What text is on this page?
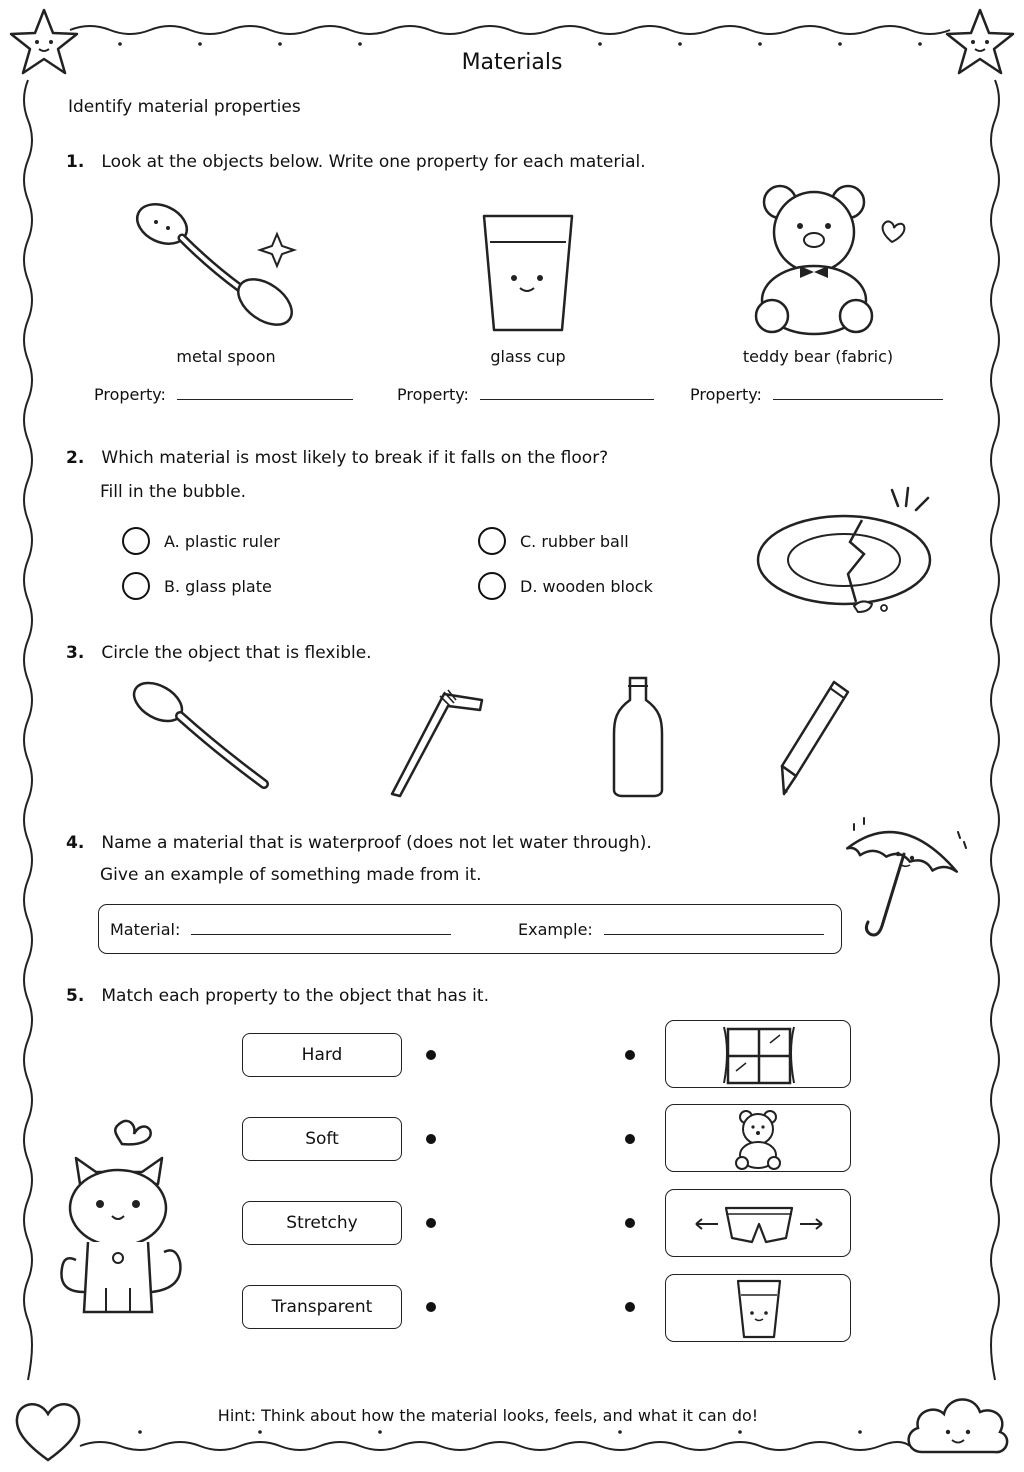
Materials
Identify material properties
1. Look at the objects below. Write one property for each material.
metal spoon	glass cup	teddy bear (fabric)
Property:	Property:	Property:
2. Which material is most likely to break if it falls on the floor?
Fill in the bubble.
A. plastic ruler
B. glass plate
C. rubber ball
D. wooden block
3. Circle the object that is flexible.
4. Name a material that is waterproof (does not let water through).
Give an example of something made from it.
Material:	Example:
5. Match each property to the object that has it.
Hard
Soft
Stretchy
Transparent
Hint: Think about how the material looks, feels, and what it can do!
